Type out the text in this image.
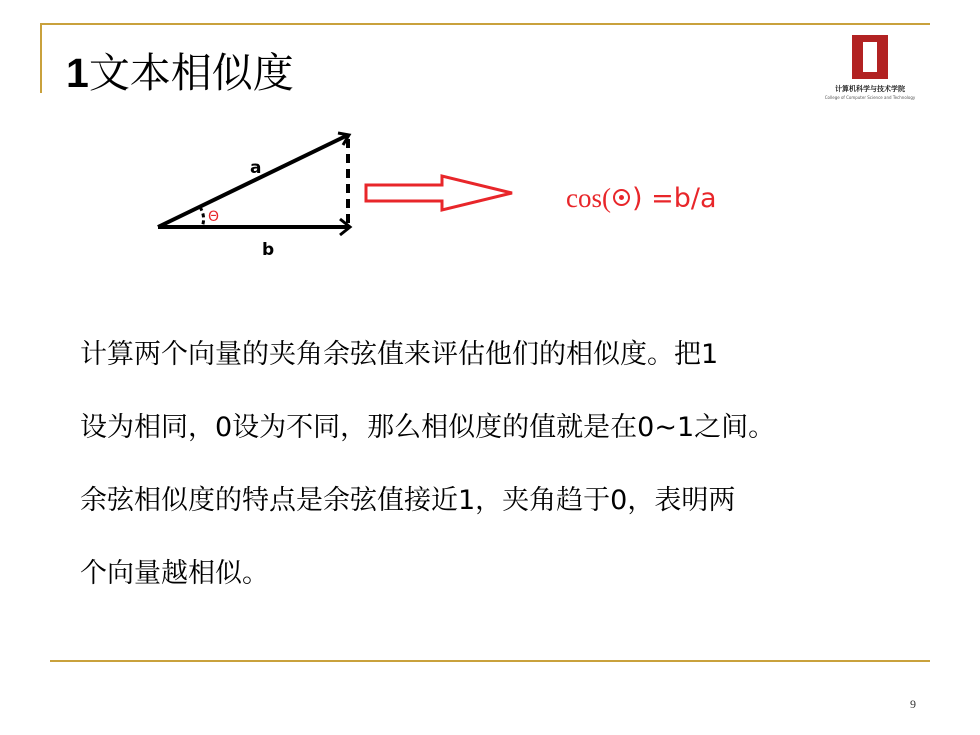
1文本相似度	计算机科学与技术学院
College of Computer Science and Technology
a
Θ
b
cos( ) =b/a

计算两个向量的夹角余弦值来评估他们的相似度。把1

设为相同，0设为不同，那么相似度的值就是在0~1之间。

余弦相似度的特点是余弦值接近1，夹角趋于0，表明两

个向量越相似。

9
